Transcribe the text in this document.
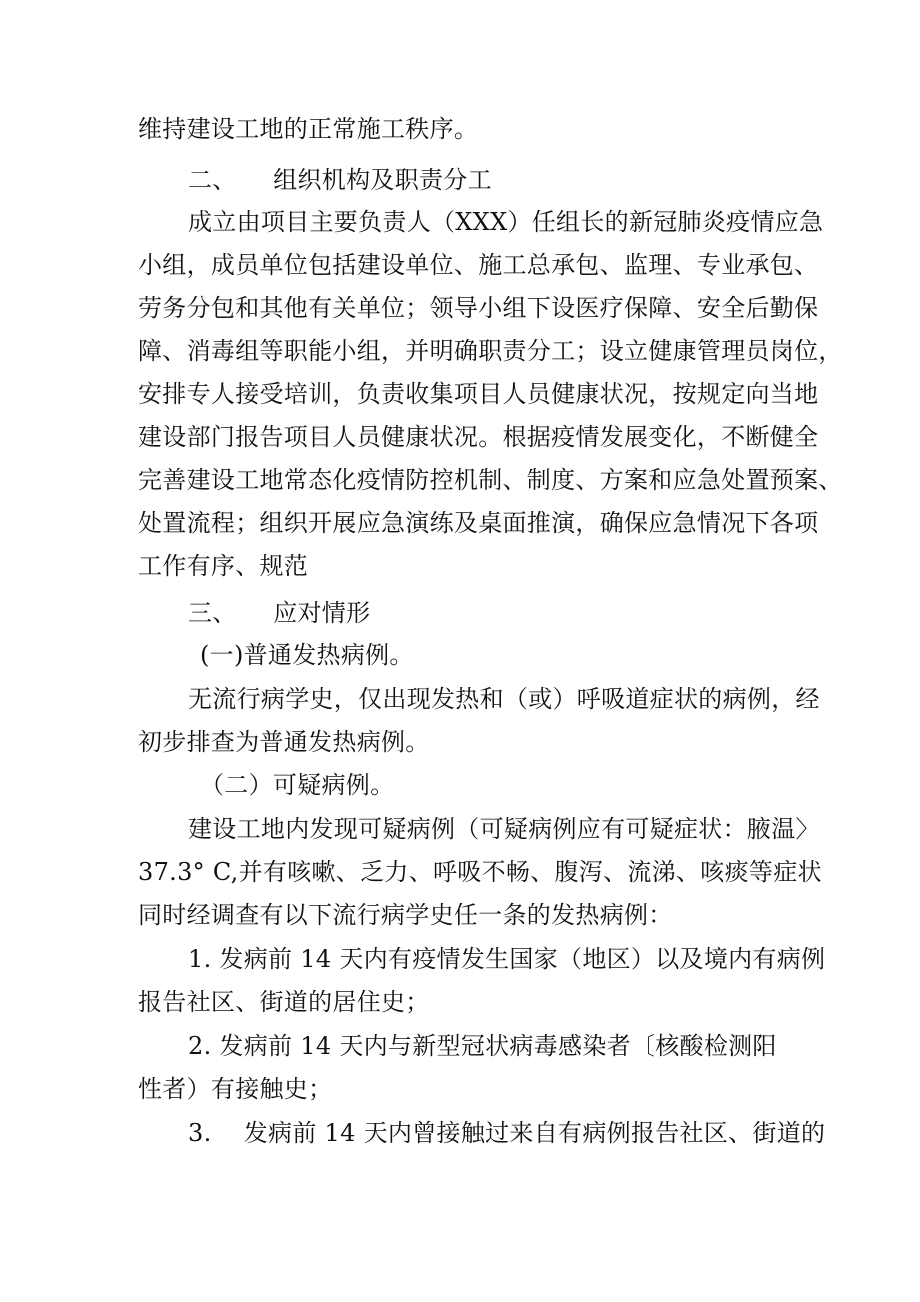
维持建设工地的正常施工秩序。
二、　　组织机构及职责分工
成立由项目主要负责人（XXX）任组长的新冠肺炎疫情应急
小组，成员单位包括建设单位、施工总承包、监理、专业承包、
劳务分包和其他有关单位；领导小组下设医疗保障、安全后勤保
障、消毒组等职能小组，并明确职责分工；设立健康管理员岗位，
安排专人接受培训，负责收集项目人员健康状况，按规定向当地
建设部门报告项目人员健康状况。根据疫情发展变化，不断健全
完善建设工地常态化疫情防控机制、制度、方案和应急处置预案、
处置流程；组织开展应急演练及桌面推演，确保应急情况下各项
工作有序、规范
三、　　应对情形
(一)普通发热病例。
无流行病学史，仅出现发热和（或）呼吸道症状的病例，经
初步排查为普通发热病例。
（二）可疑病例。
建设工地内发现可疑病例（可疑病例应有可疑症状：腋温〉
37.3° C,并有咳嗽、乏力、呼吸不畅、腹泻、流涕、咳痰等症状
同时经调查有以下流行病学史任一条的发热病例：
1. 发病前 14 天内有疫情发生国家（地区）以及境内有病例
报告社区、街道的居住史；
2. 发病前 14 天内与新型冠状病毒感染者〔核酸检测阳
性者）有接触史；
3.　 发病前 14 天内曾接触过来自有病例报告社区、街道的
